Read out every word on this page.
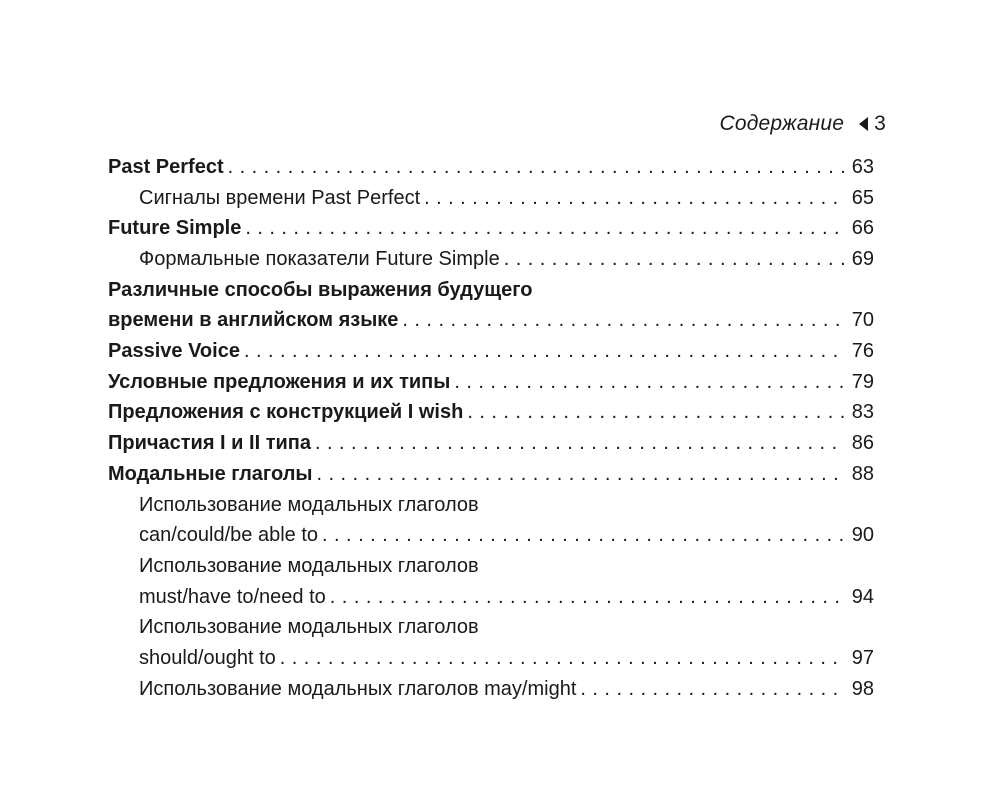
Содержание 3
Past Perfect . . .	63
Сигналы времени Past Perfect . . .	65
Future Simple . . .	66
Формальные показатели Future Simple . . .	69
Различные способы выражения будущего
времени в английском языке . . .	70
Passive Voice . . .	76
Условные предложения и их типы . . .	79
Предложения с конструкцией I wish . . .	83
Причастия I и II типа . . .	86
Модальные глаголы . . .	88
Использование модальных глаголов
can/could/be able to . . .	90
Использование модальных глаголов
must/have to/need to . . .	94
Использование модальных глаголов
should/ought to . . .	97
Использование модальных глаголов may/might . . .	98
